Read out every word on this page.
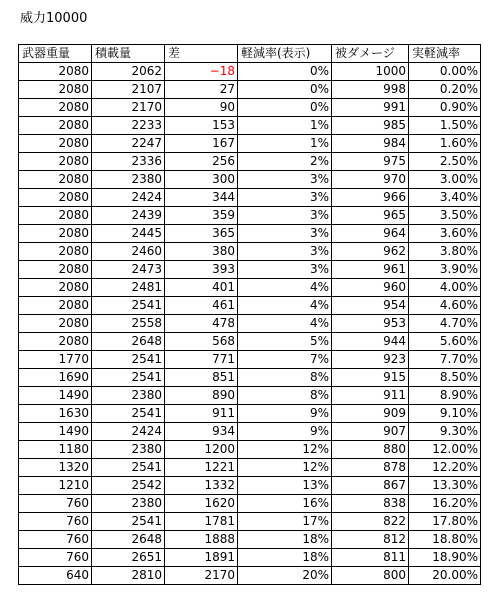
威力10000
武器重量	積載量	差	軽減率(表示)	被ダメージ	実軽減率
2080	2062	−18	0%	1000	0.00%
2080	2107	27	0%	998	0.20%
2080	2170	90	0%	991	0.90%
2080	2233	153	1%	985	1.50%
2080	2247	167	1%	984	1.60%
2080	2336	256	2%	975	2.50%
2080	2380	300	3%	970	3.00%
2080	2424	344	3%	966	3.40%
2080	2439	359	3%	965	3.50%
2080	2445	365	3%	964	3.60%
2080	2460	380	3%	962	3.80%
2080	2473	393	3%	961	3.90%
2080	2481	401	4%	960	4.00%
2080	2541	461	4%	954	4.60%
2080	2558	478	4%	953	4.70%
2080	2648	568	5%	944	5.60%
1770	2541	771	7%	923	7.70%
1690	2541	851	8%	915	8.50%
1490	2380	890	8%	911	8.90%
1630	2541	911	9%	909	9.10%
1490	2424	934	9%	907	9.30%
1180	2380	1200	12%	880	12.00%
1320	2541	1221	12%	878	12.20%
1210	2542	1332	13%	867	13.30%
760	2380	1620	16%	838	16.20%
760	2541	1781	17%	822	17.80%
760	2648	1888	18%	812	18.80%
760	2651	1891	18%	811	18.90%
640	2810	2170	20%	800	20.00%
